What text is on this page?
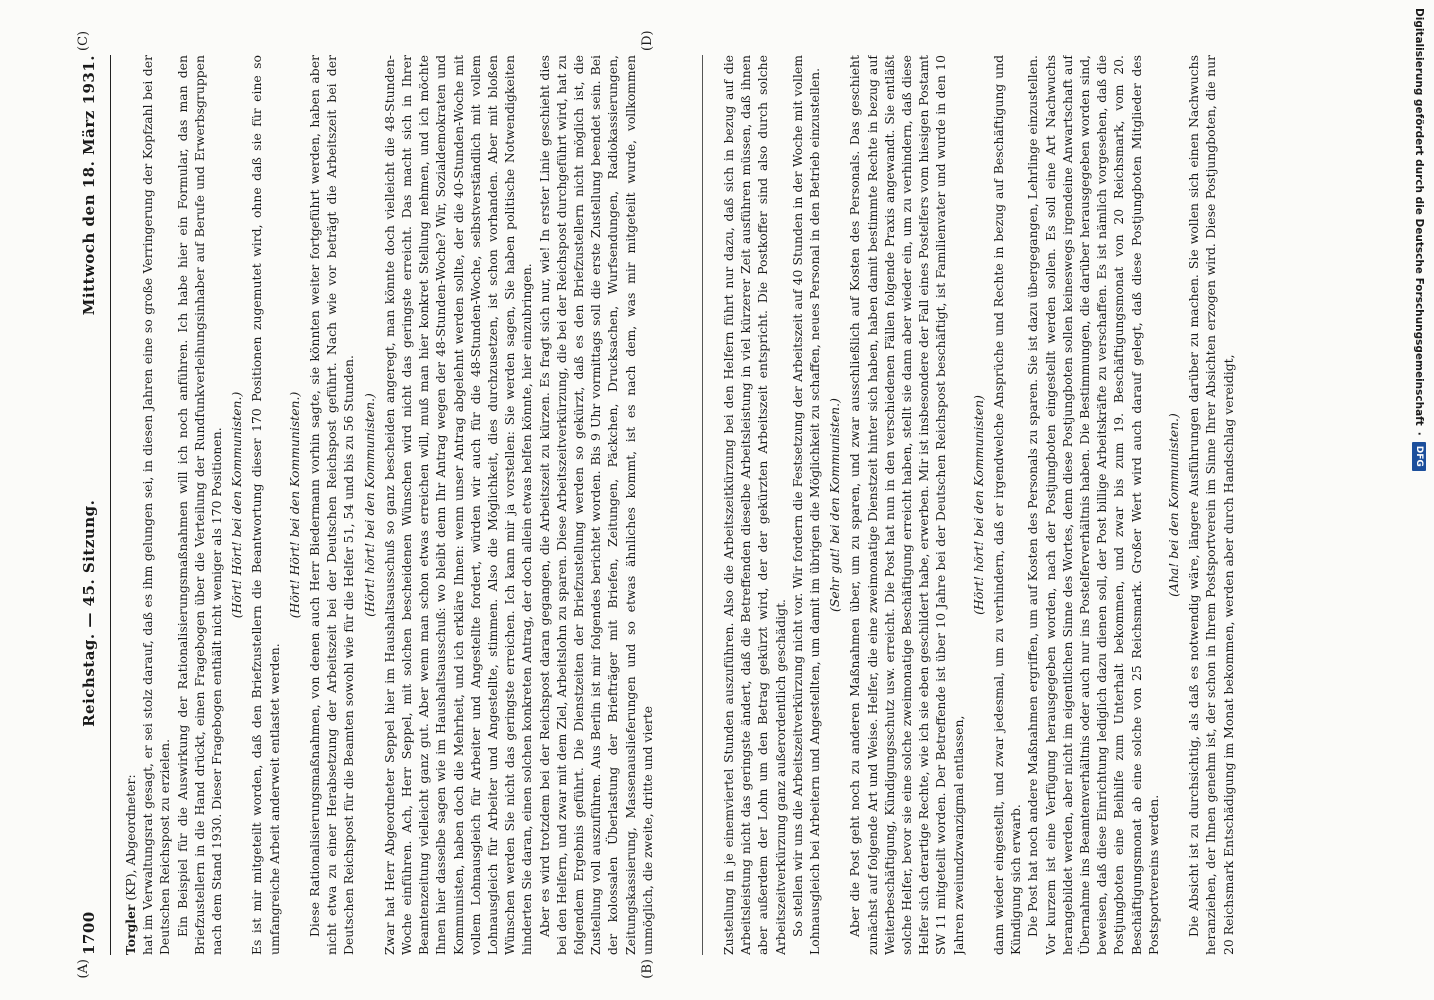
1700
Reichstag. — 45. Sitzung.
Mittwoch den 18. März 1931.

Torgler (KP), Abgeordneter: hat im Verwaltungsrat gesagt, er sei stolz darauf, daß es ihm gelungen sei, in diesen Jahren eine so große Verringerung der Kopfzahl bei der Deutschen Reichspost zu erzielen. Ein Beispiel für die Auswirkung der Rationalisierungsmaßnahmen will ich noch anführen. Ich habe hier ein Formular, das man den Briefzustellern in die Hand drückt, einen Fragebogen über die Verteilung der Rundfunkverleihungsinhaber auf Berufe und Erwerbsgruppen nach dem Stand 1930. Dieser Fragebogen enthält nicht weniger als 170 Positionen. (Hört! Hört! bei den Kommunisten.) Es ist mir mitgeteilt worden, daß den Briefzustellern die Beantwortung dieser 170 Positionen zugemutet wird, ohne daß sie für eine so umfangreiche Arbeit anderweit entlastet werden.

(Hört! Hört! bei den Kommunisten.) Diese Rationalisierungsmaßnahmen, von denen auch Herr Biedermann vorhin sagte, sie könnten weiter fortgeführt werden, haben aber nicht etwa zu einer Herabsetzung der Arbeitszeit bei der Deutschen Reichspost geführt. Nach wie vor beträgt die Arbeitszeit bei der Deutschen Reichspost für die Beamten sowohl wie für die Helfer 51, 54 und bis zu 56 Stunden. (Hört! hört! bei den Kommunisten.) Zwar hat Herr Abgeordneter Seppel hier im Haushaltsausschuß so ganz bescheiden angeregt, man könnte doch vielleicht die 48-Stunden-Woche einführen. Ach, Herr Seppel, mit solchen bescheidenen Wünschen wird nicht das geringste erreicht. Das macht sich in Ihrer Beamtenzeitung vielleicht ganz gut. Aber wenn man schon etwas erreichen will, muß man hier konkret Stellung nehmen, und ich möchte Ihnen hier dasselbe sagen wie im Haushaltsausschuß: wo bleibt denn Ihr Antrag wegen der 48-Stunden-Woche? Wir, Sozialdemokraten und Kommunisten, haben doch die Mehrheit, und ich erkläre Ihnen: wenn unser Antrag abgelehnt werden sollte, der die 40-Stunden-Woche mit vollem Lohnausgleich für Arbeiter und Angestellte fordert, würden wir auch für die 48-Stunden-Woche, selbstverständlich mit vollem Lohnausgleich für Arbeiter und Angestellte, stimmen. Also die Möglichkeit, dies durchzusetzen, ist schon vorhanden. Aber mit bloßen Wünschen werden Sie nicht das geringste erreichen. Ich kann mir ja vorstellen: Sie werden sagen, Sie haben politische Notwendigkeiten hinderten Sie daran, einen solchen konkreten Antrag, der doch allein etwas helfen könnte, hier einzubringen. Aber es wird trotzdem bei der Reichspost daran gegangen, die Arbeitszeit zu kürzen. Es fragt sich nur, wie! In erster Linie geschieht dies bei den Helfern, und zwar mit dem Ziel, Arbeitslohn zu sparen. Diese Arbeitszeitverkürzung, die bei der Reichspost durchgeführt wird, hat zu folgendem Ergebnis geführt. Die Dienstzeiten der Briefzustellung werden so gekürzt, daß es den Briefzustellern nicht möglich ist, die Zustellung voll auszuführen. Aus Berlin ist mir folgendes berichtet worden. Bis 9 Uhr vormittags soll die erste Zustellung beendet sein. Bei der kolossalen Überlastung der Briefträger mit Briefen, Zeitungen, Päckchen, Drucksachen, Wurfsendungen, Radiokassierungen, Zeitungskassierung, Massenauslieferungen und so etwas ähnliches kommt, ist es nach dem, was mir mitgeteilt wurde, vollkommen unmöglich, die zweite, dritte und vierte	Zustellung in je einemviertel Stunden auszuführen. Also die Arbeitszeitkürzung bei den Helfern führt nur dazu, daß sich in bezug auf die Arbeitsleistung nicht das geringste ändert, daß die Betreffenden dieselbe Arbeitsleistung in viel kürzerer Zeit ausführen müssen, daß ihnen aber außerdem der Lohn um den Betrag gekürzt wird, der der gekürzten Arbeitszeit entspricht. Die Postkoffer sind also durch solche Arbeitszeitverkürzung ganz außerordentlich geschädigt. So stellen wir uns die Arbeitszeitverkürzung nicht vor. Wir fordern die Festsetzung der Arbeitszeit auf 40 Stunden in der Woche mit vollem Lohnausgleich bei Arbeitern und Angestellten, um damit im übrigen die Möglichkeit zu schaffen, neues Personal in den Betrieb einzustellen. (Sehr gut! bei den Kommunisten.) Aber die Post geht noch zu anderen Maßnahmen über, um zu sparen, und zwar ausschließlich auf Kosten des Personals. Das geschieht zunächst auf folgende Art und Weise. Helfer, die eine zweimonatige Dienstzeit hinter sich haben, haben damit bestimmte Rechte in bezug auf Weiterbeschäftigung, Kündigungsschutz usw. erreicht. Die Post hat nun in den verschiedenen Fällen folgende Praxis angewandt. Sie entläßt solche Helfer, bevor sie eine solche zweimonatige Beschäftigung erreicht haben, stellt sie dann aber wieder ein, um zu verhindern, daß diese Helfer sich derartige Rechte, wie ich sie eben geschildert habe, erwerben. Mir ist insbesondere der Fall eines Postelfers vom hiesigen Postamt SW 11 mitgeteilt worden. Der Betreffende ist über 10 Jahre bei der Deutschen Reichspost beschäftigt, ist Familienvater und wurde in den 10 Jahren zweiundzwanzigmal entlassen,

(Hört! hört! bei den Kommunisten) dann wieder eingestellt, und zwar jedesmal, um zu verhindern, daß er irgendwelche Ansprüche und Rechte in bezug auf Beschäftigung und Kündigung sich erwarb. Die Post hat noch andere Maßnahmen ergriffen, um auf Kosten des Personals zu sparen. Sie ist dazu übergegangen, Lehrlinge einzustellen. Vor kurzem ist eine Verfügung herausgegeben worden, nach der Postjungboten eingestellt werden sollen. Es soll eine Art Nachwuchs herangebildet werden, aber nicht im eigentlichen Sinne des Wortes, denn diese Postjungboten sollen keineswegs irgendeine Anwartschaft auf Übernahme ins Beamtenverhältnis oder auch nur ins Postelferverhältnis haben. Die Bestimmungen, die darüber herausgegeben worden sind, beweisen, daß diese Einrichtung lediglich dazu dienen soll, der Post billige Arbeitskräfte zu verschaffen. Es ist nämlich vorgesehen, daß die Postjungboten eine Beihilfe zum Unterhalt bekommen, und zwar bis zum 19. Beschäftigungsmonat von 20 Reichsmark, vom 20. Beschäftigungsmonat ab eine solche von 25 Reichsmark. Großer Wert wird auch darauf gelegt, daß diese Postjungboten Mitglieder des Postsportvereins werden.

(Aha! bei den Kommunisten.) Die Absicht ist zu durchsichtig, als daß es notwendig wäre, längere Ausführungen darüber zu machen. Sie wollen sich einen Nachwuchs heranziehen, der Ihnen genehm ist, der schon in Ihrem Postsportverein im Sinne Ihrer Absichten erzogen wird. Diese Postjungboten, die nur 20 Reichsmark Entschädigung im Monat bekommen, werden aber durch Handschlag vereidigt,

(A)	(B)
(C)	(D)	Digitalisierung gefördert durch die Deutsche Forschungsgemeinschaft
·
DFG
